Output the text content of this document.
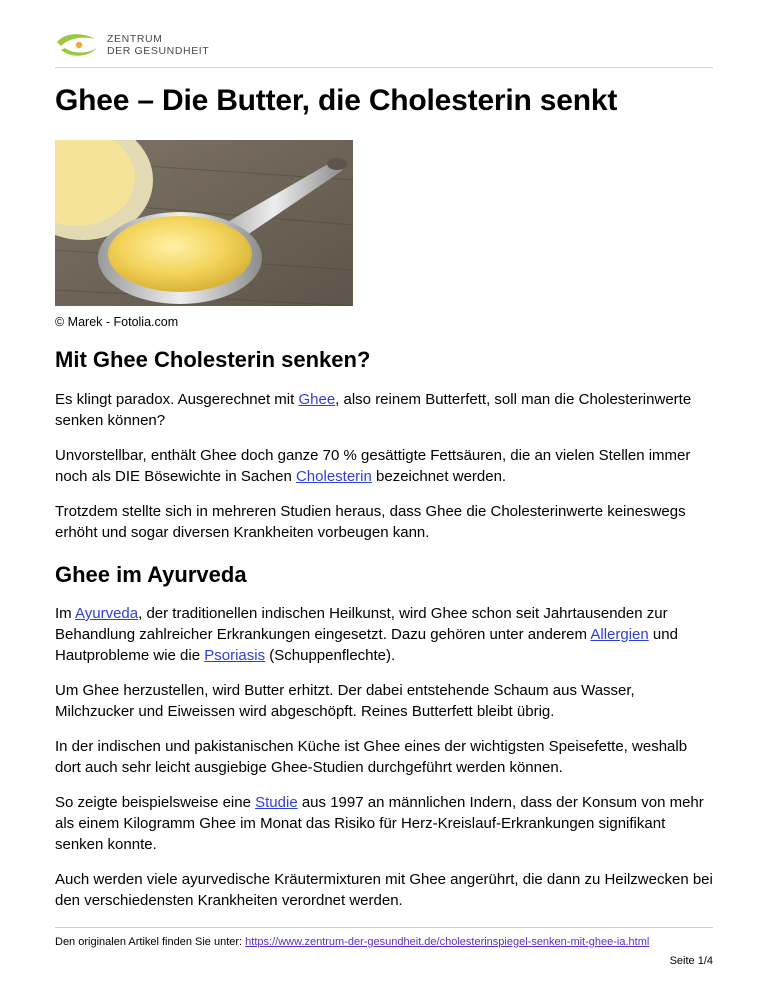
ZENTRUM
DER GESUNDHEIT
Ghee – Die Butter, die Cholesterin senkt
© Marek - Fotolia.com
Mit Ghee Cholesterin senken?

Es klingt paradox. Ausgerechnet mit Ghee, also reinem Butterfett, soll man die Cholesterinwerte senken können?

Unvorstellbar, enthält Ghee doch ganze 70 % gesättigte Fettsäuren, die an vielen Stellen immer noch als DIE Bösewichte in Sachen Cholesterin bezeichnet werden.

Trotzdem stellte sich in mehreren Studien heraus, dass Ghee die Cholesterinwerte keineswegs erhöht und sogar diversen Krankheiten vorbeugen kann.

Ghee im Ayurveda

Im Ayurveda, der traditionellen indischen Heilkunst, wird Ghee schon seit Jahrtausenden zur Behandlung zahlreicher Erkrankungen eingesetzt. Dazu gehören unter anderem Allergien und Hautprobleme wie die Psoriasis (Schuppenflechte).

Um Ghee herzustellen, wird Butter erhitzt. Der dabei entstehende Schaum aus Wasser, Milchzucker und Eiweissen wird abgeschöpft. Reines Butterfett bleibt übrig.

In der indischen und pakistanischen Küche ist Ghee eines der wichtigsten Speisefette, weshalb dort auch sehr leicht ausgiebige Ghee-Studien durchgeführt werden können.

So zeigte beispielsweise eine Studie aus 1997 an männlichen Indern, dass der Konsum von mehr als einem Kilogramm Ghee im Monat das Risiko für Herz-Kreislauf-Erkrankungen signifikant senken konnte.

Auch werden viele ayurvedische Kräutermixturen mit Ghee angerührt, die dann zu Heilzwecken bei den verschiedensten Krankheiten verordnet werden.

Den originalen Artikel finden Sie unter: https://www.zentrum-der-gesundheit.de/cholesterinspiegel-senken-mit-ghee-ia.html
Seite 1/4
